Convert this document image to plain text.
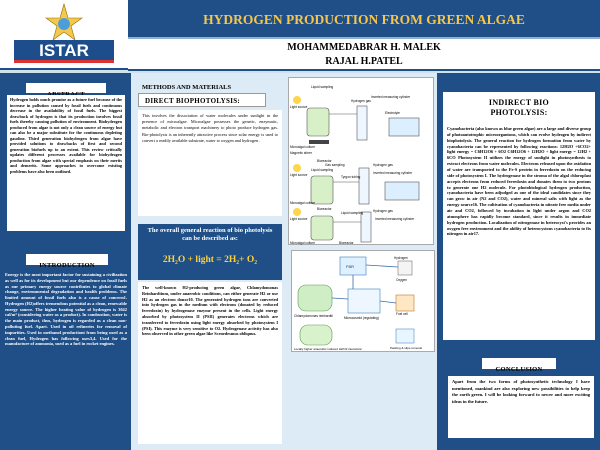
ISTAR
HYDROGEN PRODUCTION FROM GREEN ALGAE
MOHAMMEDABRAR H. MALEK
RAJAL H.PATEL
Hydrogen holds much promise as a future fuel because of the increase in pollution caused by fossil fuels and continuous decrease in the availability of fossil fuels. The biggest drawback of hydrogen is that its production involves fossil fuels thereby causing pollution of environment. Biohydrogen produced from algae is not only a clean source of energy but can also be a major substitute for the continuous depleting gasoline. Third generation biohydrogen from algae have provided solutions to drawbacks of first and second generation biofuels up to an extent. This review critically updates different processes available for biohydrogen production from algae with special emphasis on their merits and demerits. Some approaches to overcome existing problems have also been outlined.
INTRODUCTION
Energy is the most important factor for sustaining a civilization as well as for its development but our dependence on fossil fuels as our primary energy source contributes to global climate change, environmental degradation and health problems. The limited amount of fossil fuels also is a cause of concern1. Hydrogen (H2)offers tremendous potential as a clean, renewable energy source. The higher heating value of hydrogen is 3042 cal/m³ (considering water as a product). In combustion, water is the main product, thus, hydrogen is regarded as a clean non-polluting fuel. Apart. Used in oil refineries for removal of impurities. Used in methanol productiont from being used as a clean fuel, Hydrogen has following uses3,4. Used for the manufacture of ammonia, used as a fuel in rocket engines.
METHODS AND MATERIALS
DIRECT BIOPHOTOLYSIS:
This involves the dissociation of water molecules under sunlight in the presence of microalgae. Microalgae possesses the genetic, enzymatic, metabolic and electron transport machinery to photo produce hydrogen gas. Bio-photolysis is an inherently attractive process since solar energy is used to convert a readily available substrate, water to oxygen and hydrogen .
The overall general reaction of bio photolysis can be described as:
2H₂O + light = 2H₂+ O₂
The well-known H2-producing green algae, Chlamydomonas Reinhardtium, under anaerobic conditions, can either generate H2 or use H2 as an electron donor10. The generated hydrogen ions are converted into hydrogen gas in the medium with electrons (donated by reduced ferredoxin) by hydrogenase enzyme present in the cells. Light energy absorbed by photosystem II (PSII) generates electrons which are transferred to ferredoxin using light energy absorbed by photosystem I (PSI). This enzyme is very sensitive to O2. Hydrogenase activity has also been observed in other green algae like Scenedesmus obliquus.
Liquid sampling
Light source
Hydrogen gas
Electrolyte
Microalgal culture
Magnetic stirrer
Inverted measuring cylinder
Bioreactor
Gas sampling
Liquid sampling
Light source
Hydrogen gas
Microalgal culture
Inverted measuring cylinder
Tyrgon tubing
Bioreactor
Liquid sampling
Light source
Hydrogen gas
Microalgal culture
Inverted measuring cylinder
Bioreactor
FBR
Chlamydomonas reinhardtii	Microcosmid (regulating)
Locally higher anaerobic induced H2/O2 interaction
Hydrogen
Fuel cell
Oxygen
Packing & slipe removal
INDIRECT BIO PHOTOLYSIS:
Cyanobacteria (also known as blue green algae) are a large and diverse group of photoautotrophic microorganisms, which can evolve hydrogen by indirect biophotolysis. The general reaction for hydrogen formation from water by cyanobacteria can be represented by following reactions: 12H2O +6CO2+ light energy = C6H12O6 + 6O2 C6H12O6 + 12H2O + light energy = 12H2 + 6CO Photosystem II utilizes the energy of sunlight in photosynthesis to extract electrons from water molecules. Electrons released upon the oxidation of water are transported to the Fe-S protein in ferredoxin on the reducing side of photosystem I. The hydrogenase in the stroma of the algal chloroplast accepts electrons from reduced ferredoxin and donates them to two protons to generate one H2 molecule. For photobiological hydrogen production, cyanobacteria have been adjudged as one of the ideal candidates since they can grow in air (N2 and CO2), water and mineral salts with light as the energy source16. The cultivation of cyanobacteria in nitrate free media under air and CO2, followed by incubation in light under argon and CO2 atmosphere has rapidly become standard, since it results in immediate hydrogen production. Localization of nitrogenase in heterocyst's provides an oxygen free environment and the ability of heterocystous cyanobacteria to fix nitrogen in air17.
CONCLUSION
Apart from the two forms of photosynthetic technology I have mentioned, mankind are also exploring new possibilities to help keep the earth green. I will be looking forward to newer and more exciting ideas in the future.
